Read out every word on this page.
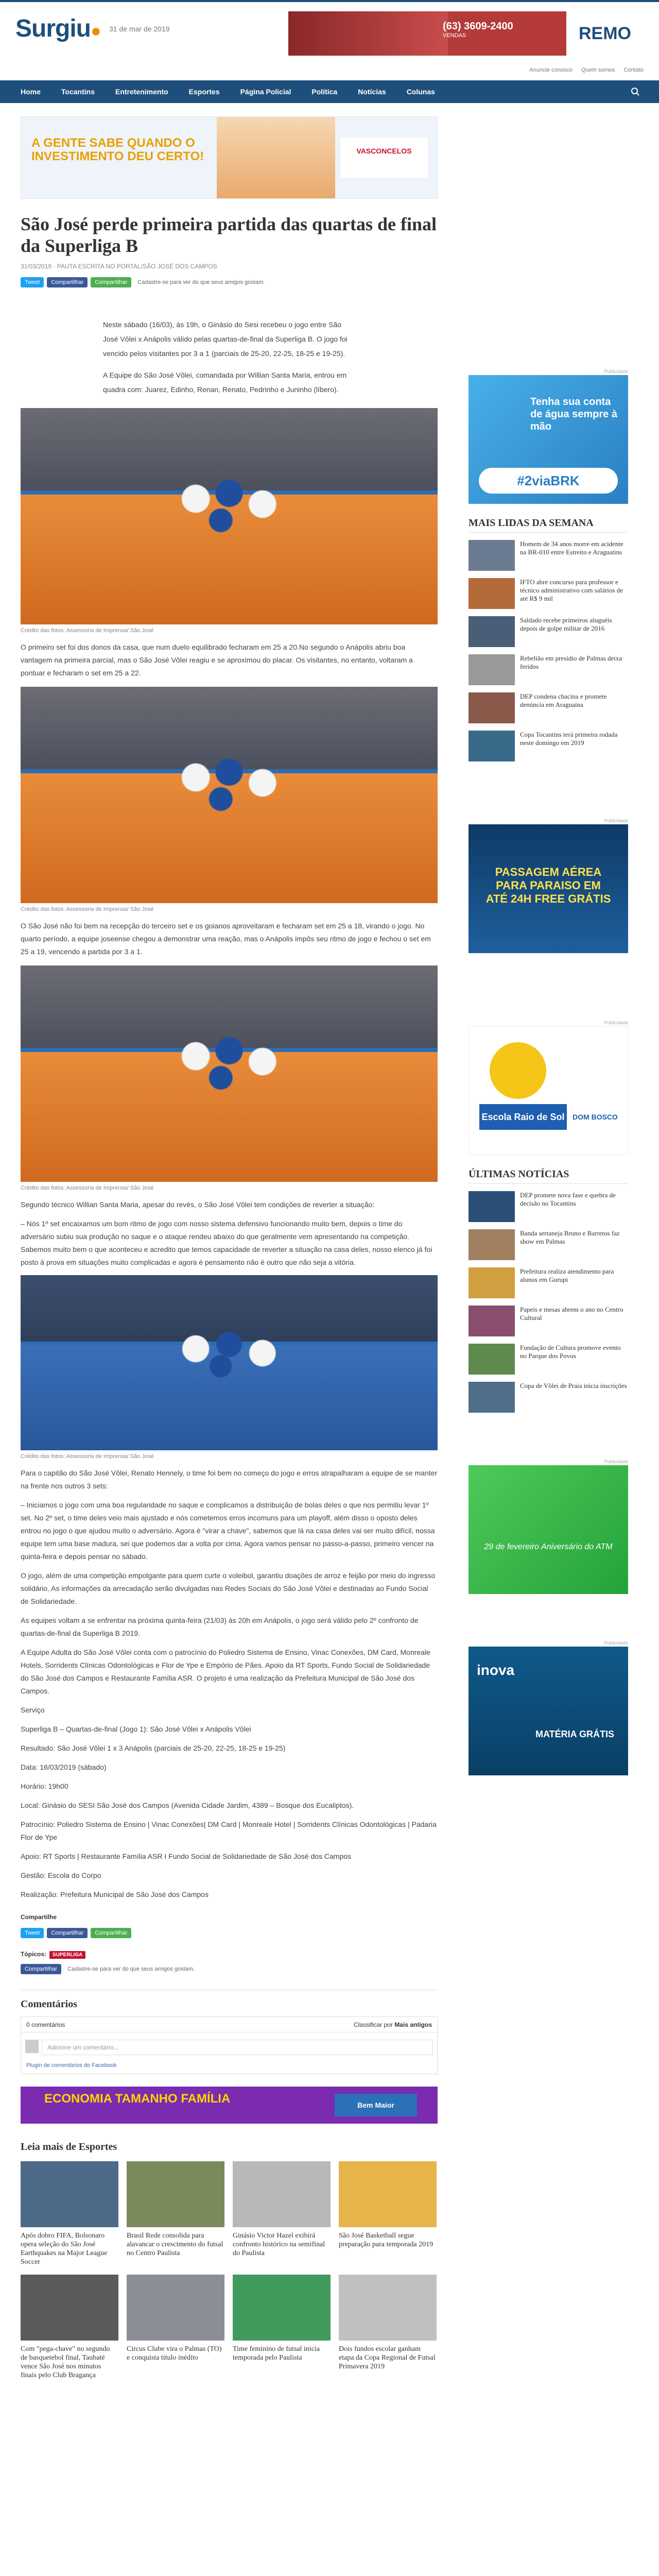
Surgiu● 31 de mar de 2019	(63) 3609-2400
VENDAS	REMO
Anuncie conosco Quem somos Contato
Home	Tocantins	Entretenimento	Esportes	Página Policial	Política	Notícias	Colunas
A GENTE SABE QUANDO O INVESTIMENTO DEU CERTO!	VASCONCELOS
São José perde primeira partida das quartas de final da Superliga B
31/03/2019 · PAUTA ESCRITA NO PORTAL/SÃO JOSÉ DOS CAMPOS
Tweet	Compartilhar	Compartilhar	Cadastre-se para ver do que seus amigos gostam.

Neste sábado (16/03), às 19h, o Ginásio do Sesi recebeu o jogo entre São José Vôlei x Anápolis válido pelas quartas-de-final da Superliga B. O jogo foi vencido pelos visitantes por 3 a 1 (parciais de 25-20, 22-25, 18-25 e 19-25).

A Equipe do São José Vôlei, comandada por Willian Santa Maria, entrou em quadra com: Juarez, Edinho, Renan, Renato, Pedrinho e Juninho (líbero).

Crédito das fotos: Assessoria de Imprensa/ São José
O primeiro set foi dos donos da casa, que num duelo equilibrado fecharam em 25 a 20.No segundo o Anápolis abriu boa vantagem na primeira parcial, mas o São José Vôlei reagiu e se aproximou do placar. Os visitantes, no entanto, voltaram a pontuar e fecharam o set em 25 a 22.
Crédito das fotos: Assessoria de Imprensa/ São José
O São José não foi bem na recepção do terceiro set e os goianos aproveitaram e fecharam set em 25 a 18, virando o jogo. No quarto período, a equipe joseense chegou a demonstrar uma reação, mas o Anápolis impôs seu ritmo de jogo e fechou o set em 25 a 19, vencendo a partida por 3 a 1.
Crédito das fotos: Assessoria de Imprensa/ São José

Segundo técnico Willian Santa Maria, apesar do revés, o São José Vôlei tem condições de reverter a situação:

– Nós 1º set encaixamos um bom ritmo de jogo com nosso sistema defensivo funcionando muito bem, depois o time do adversário subiu sua produção no saque e o ataque rendeu abaixo do que geralmente vem apresentando na competição. Sabemos muito bem o que aconteceu e acredito que temos capacidade de reverter a situação na casa deles, nosso elenco já foi posto à prova em situações muito complicadas e agora é pensamento não é outro que não seja a vitória.

Crédito das fotos: Assessoria de Imprensa/ São José

Para o capitão do São José Vôlei, Renato Hennely, o time foi bem no começo do jogo e erros atrapalharam a equipe de se manter na frente nos outros 3 sets:

– Iniciamos o jogo com uma boa regularidade no saque e complicamos a distribuição de bolas deles o que nos permitiu levar 1º set. No 2º set, o time deles veio mais ajustado e nós cometemos erros incomuns para um playoff, além disso o oposto deles entrou no jogo o que ajudou muito o adversário. Agora é "virar a chave", sabemos que lá na casa deles vai ser muito difícil, nossa equipe tem uma base madura, sei que podemos dar a volta por cima. Agora vamos pensar no passo-a-passo, primeiro vencer na quinta-feira e depois pensar no sábado.

O jogo, além de uma competição empolgante para quem curte o voleibol, garantiu doações de arroz e feijão por meio do ingresso solidário. As informações da arrecadação serão divulgadas nas Redes Sociais do São José Vôlei e destinadas ao Fundo Social de Solidariedade.

As equipes voltam a se enfrentar na próxima quinta-feira (21/03) às 20h em Anápolis, o jogo será válido pelo 2º confronto de quartas-de-final da Superliga B 2019.

A Equipe Adulta do São José Vôlei conta com o patrocínio do Poliedro Sistema de Ensino, Vinac Conexões, DM Card, Monreale Hotels, Sorridents Clínicas Odontológicas e Flor de Ype e Empório de Pães. Apoio da RT Sports, Fundo Social de Solidariedade do São José dos Campos e Restaurante Família ASR. O projeto é uma realização da Prefeitura Municipal de São José dos Campos.

Serviço

Superliga B – Quartas-de-final (Jogo 1): São José Vôlei x Anápolis Vôlei

Resultado: São José Vôlei 1 x 3 Anápolis (parciais de 25-20, 22-25, 18-25 e 19-25)

Data: 16/03/2019 (sábado)

Horário: 19h00

Local: Ginásio do SESI São José dos Campos (Avenida Cidade Jardim, 4389 – Bosque dos Eucaliptos).

Patrocínio: Poliedro Sistema de Ensino | Vinac Conexões| DM Card | Monreale Hotel | Sorridents Clínicas Odontológicas | Padaria Flor de Ype

Apoio: RT Sports | Restaurante Família ASR I Fundo Social de Solidariedade de São José dos Campos

Gestão: Escola do Corpo

Realização: Prefeitura Municipal de São José dos Campos

Compartilhe
Tweet	Compartilhar	Compartilhar
Tópicos: SUPERLIGA
Compartilhar	Cadastre-se para ver do que seus amigos gostam.
Comentários
0 comentários	Classificar por Mais antigos
Adicione um comentário...
Plugin de comentários do Facebook
ECONOMIA TAMANHO FAMÍLIA	Bem Maior
Leia mais de Esportes
Após dobro FIFA, Bolsonaro opera seleção do São José Earthquakes na Major League Soccer
Brasil Rede consolida para alavancar o crescimento do futsal no Centro Paulista
Ginásio Victor Hazel exibirá confronto histórico na semifinal do Paulista
São José Basketball segue preparação para temporada 2019
Com "pega-chave" no segundo de basquetebol final, Taubaté vence São José nos minutos finais pelo Club Bragança
Circus Clube vira o Palmas (TO) e conquista título inédito
Time feminino de futsal inicia temporada pelo Paulista
Dois fundos escolar ganham etapa da Copa Regional de Futsal Primavera 2019
Publicidade
Tenha sua conta de água sempre à mão
#2viaBRK
MAIS LIDAS DA SEMANA
Homem de 34 anos morre em acidente na BR-010 entre Estreito e Araguatins
IFTO abre concurso para professor e técnico administrativo com salários de até R$ 9 mil
Saldado recebe primeiros aluguéis depois de golpe militar de 2016
Rebelião em presídio de Palmas deixa feridos
DEP condena chacina e promete denúncia em Araguaína
Copa Tocantins terá primeira rodada neste domingo em 2019
Publicidade
PASSAGEM AÉREA PARA PARAISO EM ATÉ 24H FREE GRÁTIS
Publicidade
Escola Raio de Sol	DOM BOSCO
ÚLTIMAS NOTÍCIAS
DEP promete nova fase e quebra de decisão no Tocantins
Banda sertaneja Bruno e Barretos faz show em Palmas
Prefeitura realiza atendimento para alunos em Gurupi
Papeis e mesas abrem o ano no Centro Cultural
Fundação de Cultura promove evento no Parque dos Povos
Copa de Vôlei de Praia inicia inscrições
Publicidade
29 de fevereiro Aniversário do ATM
Publicidade
inova
MATÉRIA GRÁTIS
